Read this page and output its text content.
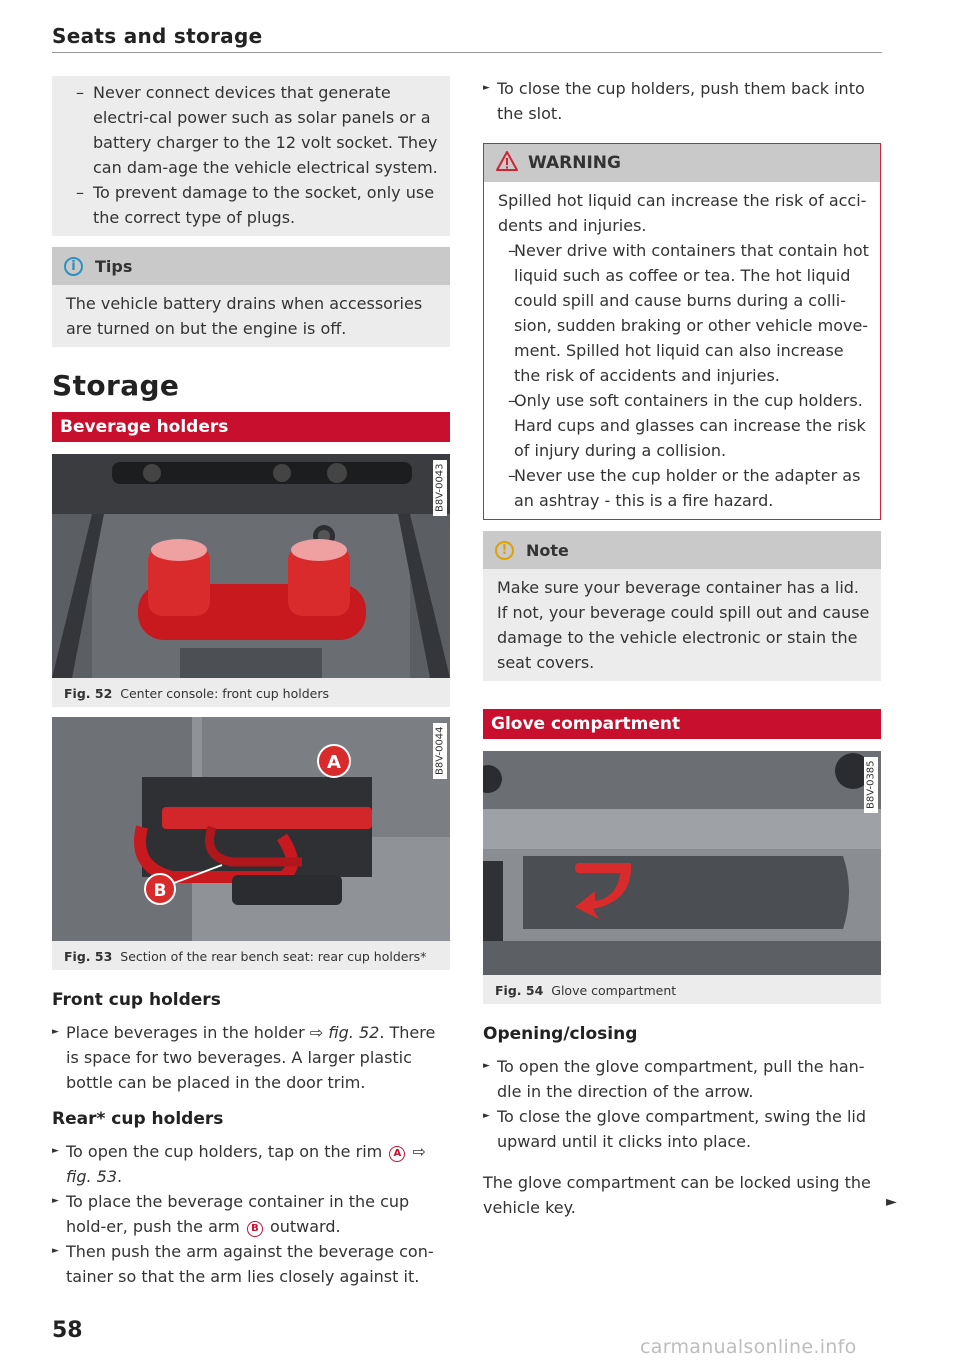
Seats and storage
– Never connect devices that generate electri-cal power such as solar panels or a battery charger to the 12 volt socket. They can dam-age the vehicle electrical system.
– To prevent damage to the socket, only use the correct type of plugs.
i	Tips
The vehicle battery drains when accessories are turned on but the engine is off.
Storage
Beverage holders
B8V-0043
Fig. 52 Center console: front cup holders
A
B
B8V-0044
Fig. 53 Section of the rear bench seat: rear cup holders*
Front cup holders
► Place beverages in the holder ⇨ fig. 52. There is space for two beverages. A larger plastic bottle can be placed in the door trim.
Rear* cup holders
► To open the cup holders, tap on the rim A ⇨ fig. 53.
► To place the beverage container in the cup hold-er, push the arm B outward.
► Then push the arm against the beverage con-tainer so that the arm lies closely against it.
► To close the cup holders, push them back into the slot.
WARNING
Spilled hot liquid can increase the risk of acci-dents and injuries.
– Never drive with containers that contain hot liquid such as coffee or tea. The hot liquid could spill and cause burns during a colli-sion, sudden braking or other vehicle move-ment. Spilled hot liquid can also increase the risk of accidents and injuries.
– Only use soft containers in the cup holders. Hard cups and glasses can increase the risk of injury during a collision.
– Never use the cup holder or the adapter as an ashtray - this is a fire hazard.
!	Note
Make sure your beverage container has a lid. If not, your beverage could spill out and cause damage to the vehicle electronic or stain the seat covers.
Glove compartment
B8V-0385
Fig. 54 Glove compartment
Opening/closing
► To open the glove compartment, pull the han-dle in the direction of the arrow.
► To close the glove compartment, swing the lid upward until it clicks into place.
The glove compartment can be locked using the vehicle key.	►
58
carmanualsonline.info
